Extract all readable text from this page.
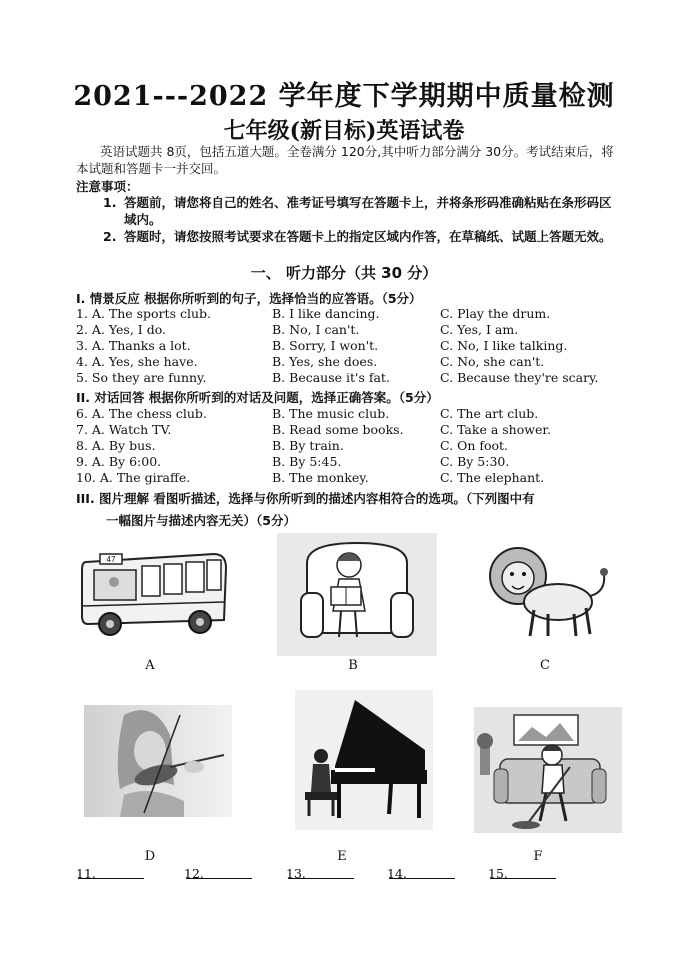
2021---2022 学年度下学期期中质量检测
七年级(新目标)英语试卷
英语试题共 8页，包括五道大题。全卷满分 120分,其中听力部分满分 30分。考试结束后，将本试题和答题卡一并交回。
注意事项：
1. 答题前，请您将自己的姓名、准考证号填写在答题卡上，并将条形码准确粘贴在条形码区域内。
2. 答题时，请您按照考试要求在答题卡上的指定区域内作答，在草稿纸、试题上答题无效。
一、 听力部分（共 30 分）
I. 情景反应 根据你所听到的句子，选择恰当的应答语。（5分）
1. A. The sports club.	B. I like dancing.	C. Play the drum.
2. A. Yes, I do.	B. No, I can't.	C. Yes, I am.
3. A. Thanks a lot.	B. Sorry, I won't.	C. No, I like talking.
4. A. Yes, she have.	B. Yes, she does.	C. No, she can't.
5. So they are funny.	B. Because it's fat.	C. Because they're scary.
II. 对话回答 根据你所听到的对话及问题，选择正确答案。（5分）
6. A. The chess club.	B. The music club.	C. The art club.
7. A. Watch TV.	B. Read some books.	C. Take a shower.
8. A. By bus.	B. By train.	C. On foot.
9. A. By 6:00.	B. By 5:45.	C. By 5:30.
10. A. The giraffe.	B. The monkey.	C. The elephant.
III. 图片理解 看图听描述，选择与你所听到的描述内容相符合的选项。（下列图中有
一幅图片与描述内容无关）（5分）
47
A	B	C
D	E	F
11.	12.	13.	14.	15.
